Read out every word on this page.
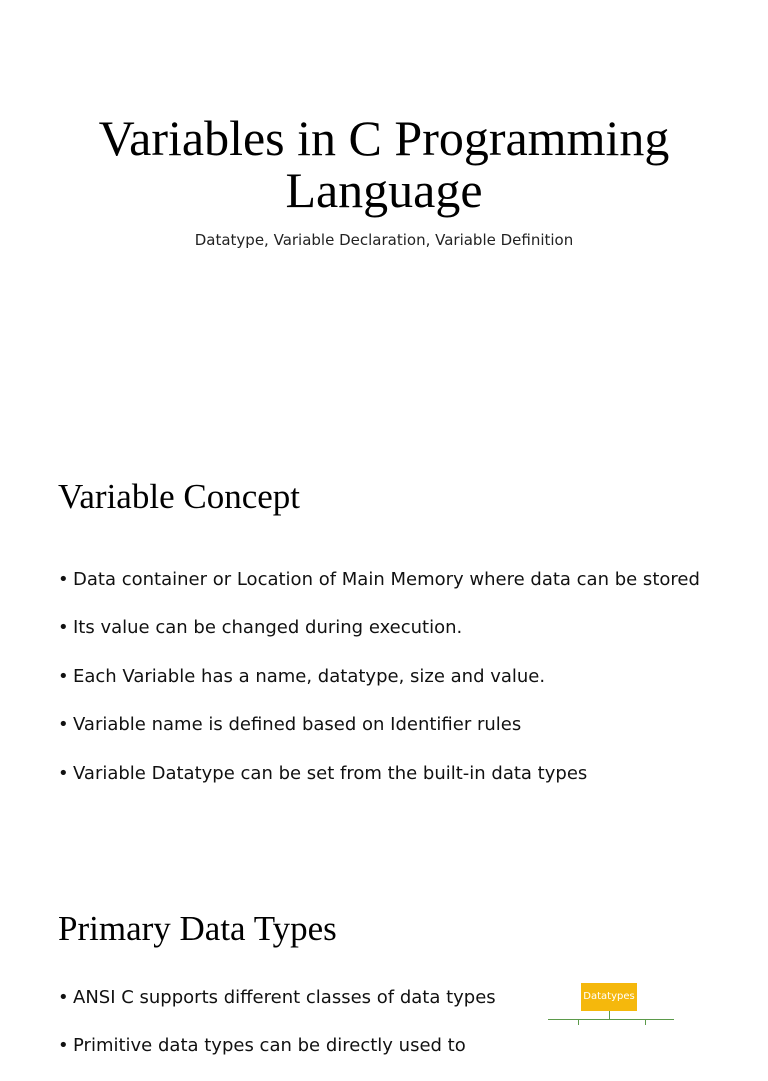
Variables in C Programming
Language
Datatype, Variable Declaration, Variable Definition
Variable Concept
• Data container or Location of Main Memory where data can be stored
• Its value can be changed during execution.
• Each Variable has a name, datatype, size and value.
• Variable name is defined based on Identifier rules
• Variable Datatype can be set from the built-in data types
Primary Data Types
• ANSI C supports different classes of data types
• Primitive data types can be directly used to
Datatypes
